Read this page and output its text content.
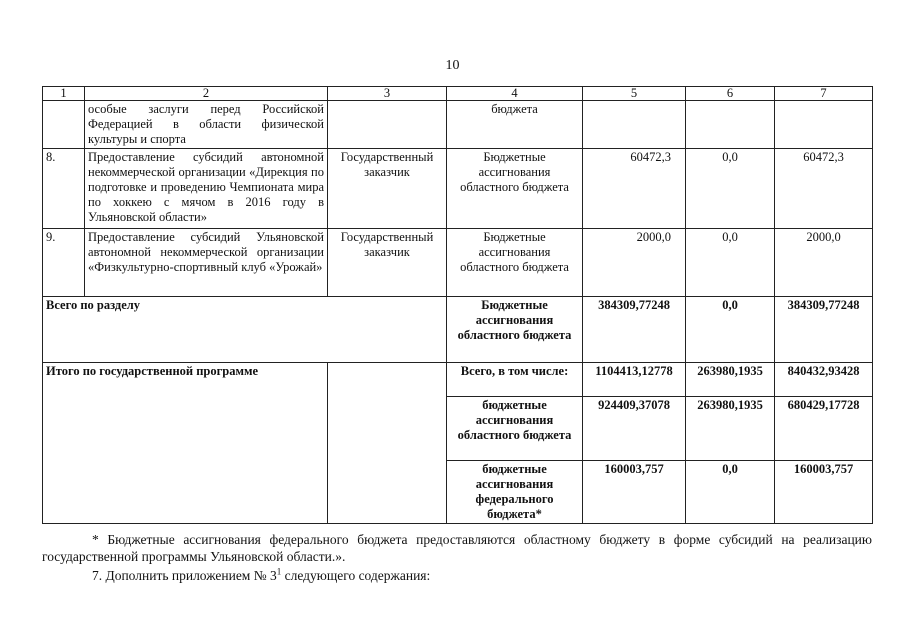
10
1	2	3	4	5	6	7
	особые заслуги перед Российской Федерацией в области физической культуры и спорта		бюджета			
8.	Предоставление субсидий автономной некоммерческой организации «Дирекция по подготовке и проведению Чемпионата мира по хоккею с мячом в 2016 году в Ульяновской области»	Государственный заказчик	Бюджетные ассигнования областного бюджета	60472,3	0,0	60472,3
9.	Предоставление субсидий Ульяновской автономной некоммерческой организации «Физкультурно-спортивный клуб «Урожай»	Государственный заказчик	Бюджетные ассигнования областного бюджета	2000,0	0,0	2000,0
Всего по разделу			Бюджетные ассигнования областного бюджета	384309,77248	0,0	384309,77248
Итого по государственной программе			Всего, в том числе:	1104413,12778	263980,1935	840432,93428
			бюджетные ассигнования областного бюджета	924409,37078	263980,1935	680429,17728
			бюджетные ассигнования федерального бюджета*	160003,757	0,0	160003,757
* Бюджетные ассигнования федерального бюджета предоставляются областному бюджету в форме субсидий на реализацию государственной программы Ульяновской области.».
7. Дополнить приложением № $3^1$ следующего содержания:
